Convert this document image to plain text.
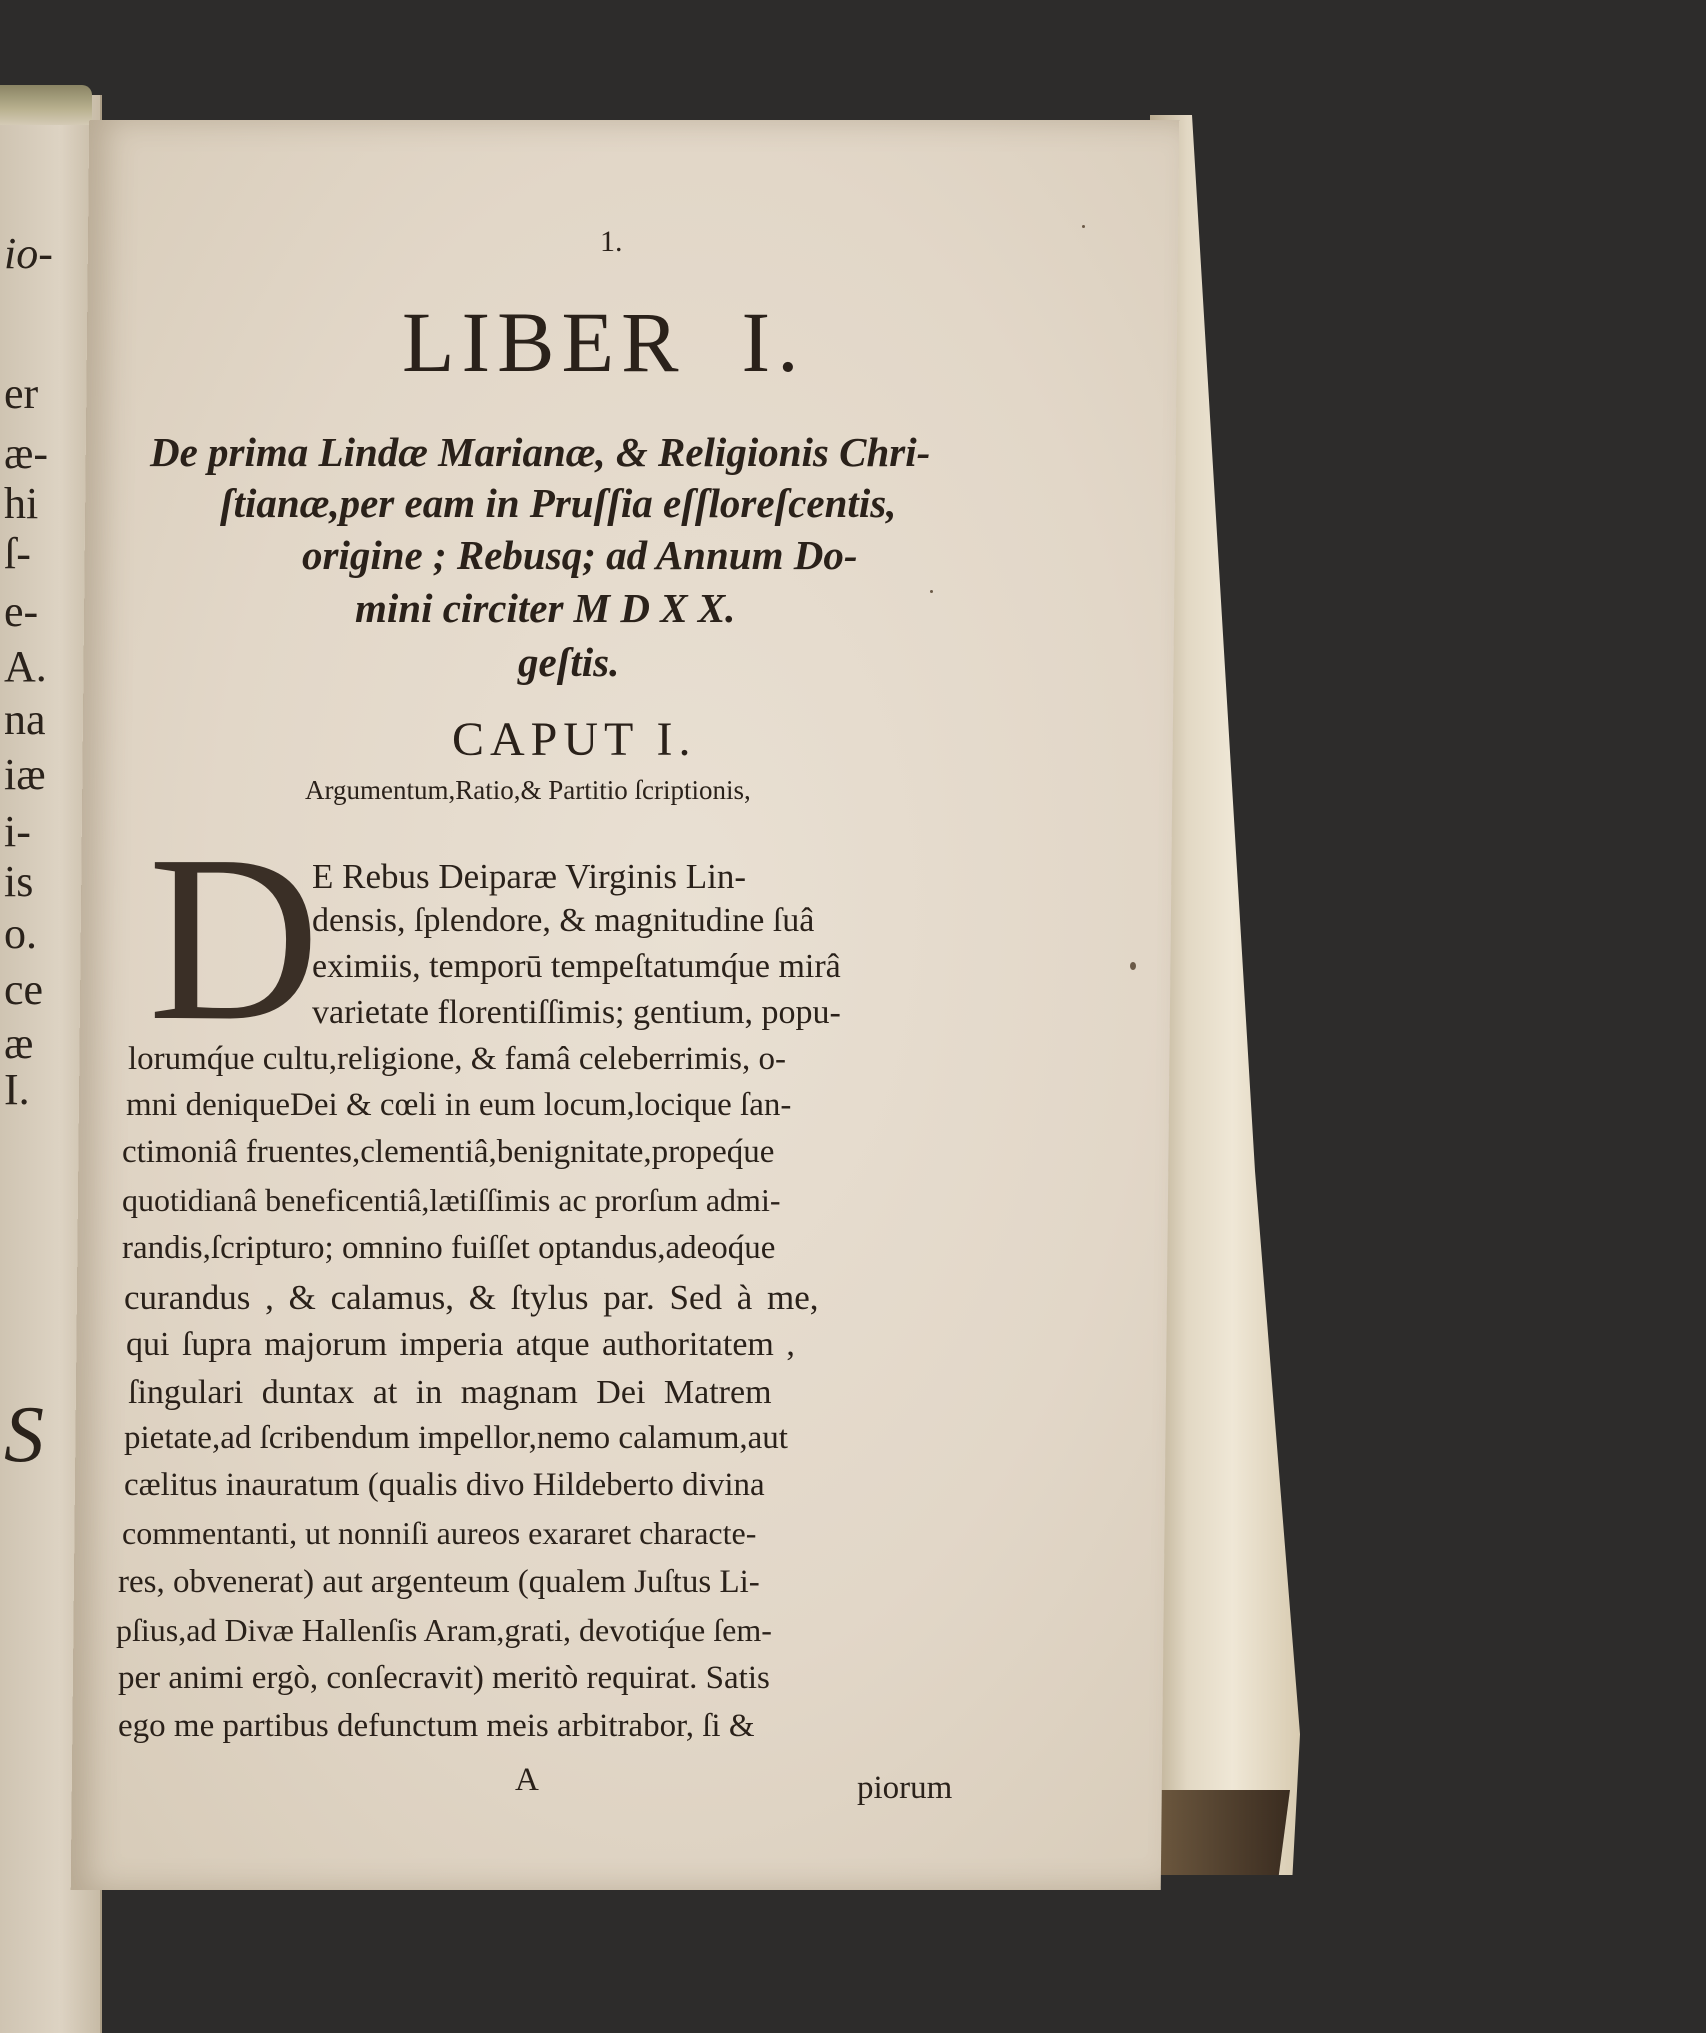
io-
er
æ-
hi
ſ-
e-
A.
na
iæ
i-
is
o.
ce
æ
I.
S
1.
LIBER I.
De prima Lindæ Marianæ, & Religionis Chri-
ſtianæ,per eam in Pruſſia eſſloreſcentis,
origine ; Rebusq; ad Annum Do-
mini circiter M D X X.
geſtis.
CAPUT I.
Argumentum,Ratio,& Partitio ſcriptionis,
D
E Rebus Deiparæ Virginis Lin-
densis, ſplendore, & magnitudine ſuâ
eximiis, temporū tempeſtatumq́ue mirâ
varietate florentiſſimis; gentium, popu-
lorumq́ue cultu,religione, & famâ celeberrimis, o-
mni deniqueDei & cœli in eum locum,locique ſan-
ctimoniâ fruentes,clementiâ,benignitate,propeq́ue
quotidianâ beneficentiâ,lætiſſimis ac prorſum admi-
randis,ſcripturo; omnino fuiſſet optandus,adeoq́ue
curandus , & calamus, & ſtylus par. Sed à me,
qui ſupra majorum imperia atque authoritatem ,
ſingulari duntax at in magnam Dei Matrem
pietate,ad ſcribendum impellor,nemo calamum,aut
cælitus inauratum (qualis divo Hildeberto divina
commentanti, ut nonniſi aureos exararet characte-
res, obvenerat) aut argenteum (qualem Juſtus Li-
pſius,ad Divæ Hallenſis Aram,grati, devotiq́ue ſem-
per animi ergò, conſecravit) meritò requirat. Satis
ego me partibus defunctum meis arbitrabor, ſi &
A	piorum
